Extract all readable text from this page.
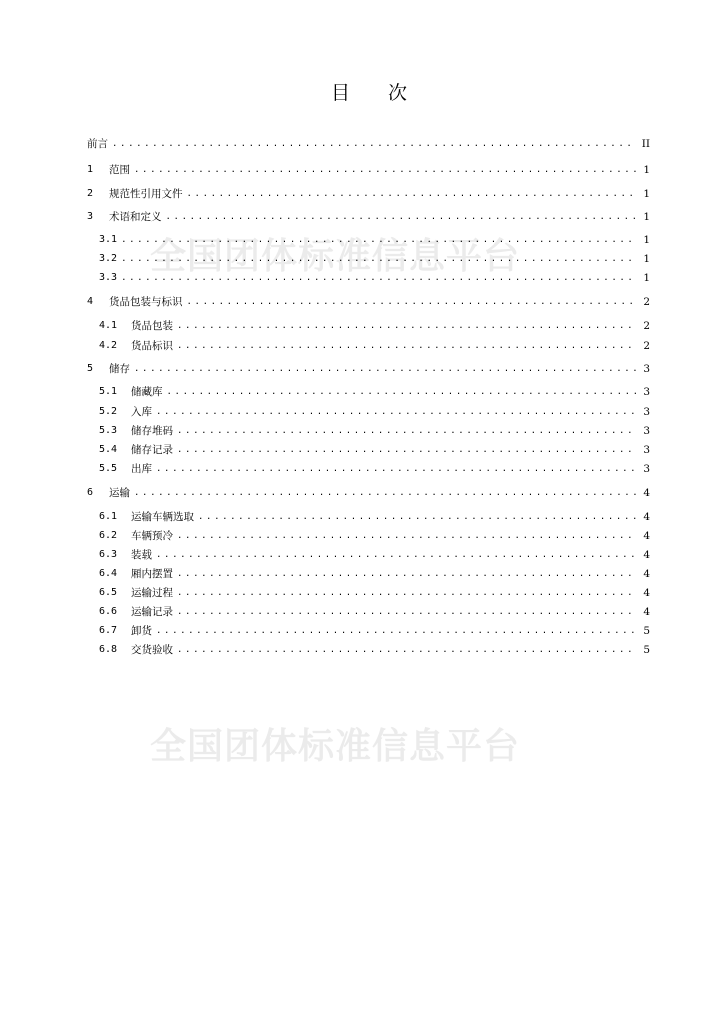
目 次
全国团体标准信息平台
全国团体标准信息平台
前言 . . .	II
1	范围 . . .	1
2	规范性引用文件 . . .	1
3	术语和定义 . . .	1
3.1 . . .	1
3.2 . . .	1
3.3 . . .	1
4	货品包装与标识 . . .	2
4.1	货品包装 . . .	2
4.2	货品标识 . . .	2
5	储存 . . .	3
5.1	储藏库 . . .	3
5.2	入库 . . .	3
5.3	储存堆码 . . .	3
5.4	储存记录 . . .	3
5.5	出库 . . .	3
6	运输 . . .	4
6.1	运输车辆选取 . . .	4
6.2	车辆预冷 . . .	4
6.3	装载 . . .	4
6.4	厢内摆置 . . .	4
6.5	运输过程 . . .	4
6.6	运输记录 . . .	4
6.7	卸货 . . .	5
6.8	交货验收 . . .	5
